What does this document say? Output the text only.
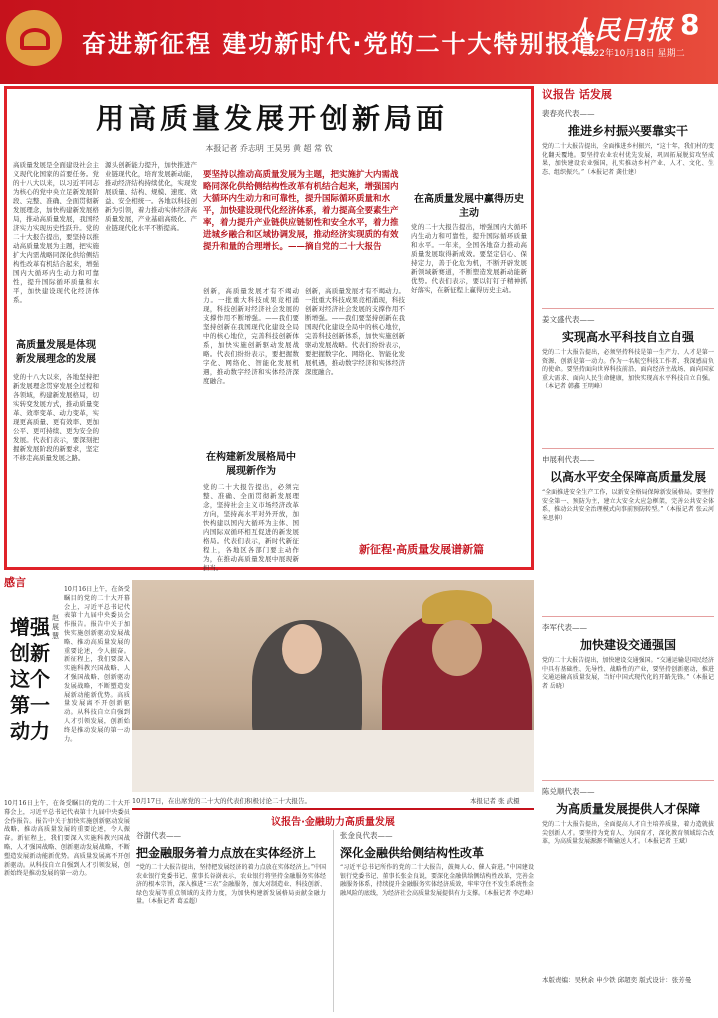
奋进新征程 建功新时代·党的二十大特别报道
人民日报 8
2022年10月18日 星期二
用高质量发展开创新局面
本报记者 乔志明 王昊男 黄 超 常 钦
高质量发展是全面建设社会主义现代化国家的首要任务。党的十八大以来，以习近平同志为核心的党中央立足新发展阶段、完整、准确、全面贯彻新发展理念，加快构建新发展格局，推动高质量发展，我国经济实力实现历史性跃升。党的二十大报告提出，要坚持以推动高质量发展为主题，把实施扩大内需战略同深化供给侧结构性改革有机结合起来，增强国内大循环内生动力和可靠性，提升国际循环质量和水平，加快建设现代化经济体系。
高质量发展是体现新发展理念的发展
党的十八大以来，各地坚持把新发展理念贯穿发展全过程和各领域，构建新发展格局，切实转变发展方式，推动质量变革、效率变革、动力变革，实现更高质量、更有效率、更加公平、更可持续、更为安全的发展。代表们表示，要深刻把握新发展阶段的新要求，坚定不移走高质量发展之路。
源头创新能力提升，加快推进产业链现代化，培育发展新动能，推动经济结构持续优化，实现发展质量、结构、规模、速度、效益、安全相统一。各地以科技创新为引领，着力推动实体经济高质量发展，产业基础高级化、产业链现代化水平不断提高。
要坚持以推动高质量发展为主题，把实施扩大内需战略同深化供给侧结构性改革有机结合起来，增强国内大循环内生动力和可靠性，提升国际循环质量和水平，加快建设现代化经济体系，着力提高全要素生产率，着力提升产业链供应链韧性和安全水平，着力推进城乡融合和区域协调发展，推动经济实现质的有效提升和量的合理增长。——摘自党的二十大报告
创新，高质量发展才有不竭动力。一批重大科技成果竞相涌现，科技创新对经济社会发展的支撑作用不断增强。——我们要坚持创新在我国现代化建设全局中的核心地位，完善科技创新体系，加快实施创新驱动发展战略。代表们纷纷表示，要把握数字化、网络化、智能化发展机遇，推动数字经济和实体经济深度融合。
在构建新发展格局中展现新作为
党的二十大报告提出，必须完整、准确、全面贯彻新发展理念，坚持社会主义市场经济改革方向，坚持高水平对外开放，加快构建以国内大循环为主体、国内国际双循环相互促进的新发展格局。代表们表示，新时代新征程上，各地区各部门要主动作为，在推动高质量发展中展现新担当。
创新，高质量发展才有不竭动力。一批重大科技成果竞相涌现，科技创新对经济社会发展的支撑作用不断增强。——我们要坚持创新在我国现代化建设全局中的核心地位，完善科技创新体系，加快实施创新驱动发展战略。代表们纷纷表示，要把握数字化、网络化、智能化发展机遇，推动数字经济和实体经济深度融合。
在高质量发展中赢得历史主动
党的二十大报告提出，增强国内大循环内生动力和可靠性，提升国际循环质量和水平。一年来，全国各地奋力推动高质量发展取得新成效。要坚定信心、保持定力，善于化危为机，不断开辟发展新领域新赛道，不断塑造发展新动能新优势。代表们表示，要以钉钉子精神抓好落实，在新征程上赢得历史主动。
新征程·高质量发展谱新篇
议报告 话发展
裴春亮代表——
推进乡村振兴要靠实干
党的二十大报告提出，全面推进乡村振兴，“这十年，我们村的变化翻天覆地。要坚持农业农村优先发展，巩固拓展脱贫攻坚成果，加快建设农业强国，扎实推动乡村产业、人才、文化、生态、组织振兴。”（本报记者 龚仕建）
姜文盛代表——
实现高水平科技自立自强
党的二十大报告提出，必须坚持科技是第一生产力、人才是第一资源、创新是第一动力。作为一名航空科技工作者，我深感肩负的使命。要坚持面向世界科技前沿、面向经济主战场、面向国家重大需求、面向人民生命健康，加快实现高水平科技自立自强。（本记者 韩鑫 王明峰）
申展利代表——
以高水平安全保障高质量发展
“全面推进安全生产工作，以新安全格局保障新发展格局。要坚持安全第一、预防为主，建立大安全大应急框架，完善公共安全体系，推动公共安全治理模式向事前预防转型。”（本报记者 张云河 米思伸）
李军代表——
加快建设交通强国
党的二十大报告提出，加快建设交通强国。“交通运输是国民经济中具有基础性、先导性、战略性的产业，要坚持创新驱动，推进交通运输高质量发展，当好中国式现代化的开路先锋。”（本报记者 岳晓）
陈兑顺代表——
为高质量发展提供人才保障
党的二十大报告提出，全面提高人才自主培养质量，着力造就拔尖创新人才。要坚持为党育人、为国育才，深化教育领域综合改革，为高质量发展源源不断输送人才。（本报记者 王斌）
本版责编：吴秋余 申少铁 邱超奕 版式设计：张芳曼
感言
增强创新这个第一动力
赵展慧
10月16日上午，在备受瞩目的党的二十大开幕会上，习近平总书记代表第十九届中央委员会作报告。报告中关于加快实施创新驱动发展战略、推动高质量发展的重要论述，令人振奋。新征程上，我们要深入实施科教兴国战略、人才强国战略、创新驱动发展战略，不断塑造发展新动能新优势。高质量发展离不开创新驱动。从科技自立自强到人才引领发展，创新始终是推动发展的第一动力。
10月16日上午，在备受瞩目的党的二十大开幕会上，习近平总书记代表第十九届中央委员会作报告。报告中关于加快实施创新驱动发展战略、推动高质量发展的重要论述，令人振奋。新征程上，我们要深入实施科教兴国战略、人才强国战略、创新驱动发展战略，不断塑造发展新动能新优势。高质量发展离不开创新驱动。从科技自立自强到人才引领发展，创新始终是推动发展的第一动力。
10月17日，在出席党的二十大的代表们积极讨论二十大报告。	本报记者 张 武摄
议报告·金融助力高质量发展
谷澍代表——
把金融服务着力点放在实体经济上
“党的二十大报告提出，坚持把发展经济的着力点放在实体经济上。”中国农业银行党委书记、董事长谷澍表示，农业银行将坚持金融服务实体经济的根本宗旨，深入推进“三农”金融服务，加大对制造业、科技创新、绿色发展等重点领域的支持力度，为加快构建新发展格局贡献金融力量。（本报记者 葛孟超）
张金良代表——
深化金融供给侧结构性改革
“习近平总书记所作的党的二十大报告，鼓舞人心、催人奋进。”中国建设银行党委书记、董事长张金良说，要深化金融供给侧结构性改革，完善金融服务体系，持续提升金融服务实体经济质效，牢牢守住不发生系统性金融风险的底线，为经济社会高质量发展提供有力支撑。（本报记者 李忠峰）
